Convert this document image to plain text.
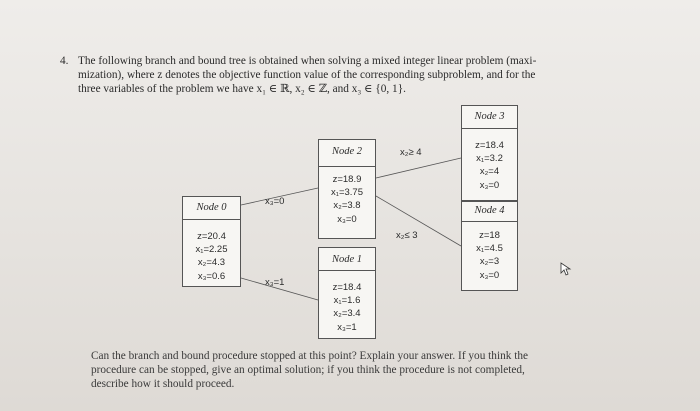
4. The following branch and bound tree is obtained when solving a mixed integer linear problem (maxi-
mization), where z denotes the objective function value of the corresponding subproblem, and for the
three variables of the problem we have x₁ ∈ ℝ, x₂ ∈ ℤ, and x₃ ∈ {0, 1}.
Node 0
z=20.4
x₁=2.25
x₂=4.3
x₃=0.6
Node 2
z=18.9
x₁=3.75
x₂=3.8
x₃=0
Node 1
z=18.4
x₁=1.6
x₂=3.4
x₃=1
Node 3
z=18.4
x₁=3.2
x₂=4
x₃=0
Node 4
z=18
x₁=4.5
x₂=3
x₃=0
x₃=0
x₃=1
x₂≥ 4
x₂≤ 3
Can the branch and bound procedure stopped at this point? Explain your answer. If you think the
procedure can be stopped, give an optimal solution; if you think the procedure is not completed,
describe how it should proceed.
